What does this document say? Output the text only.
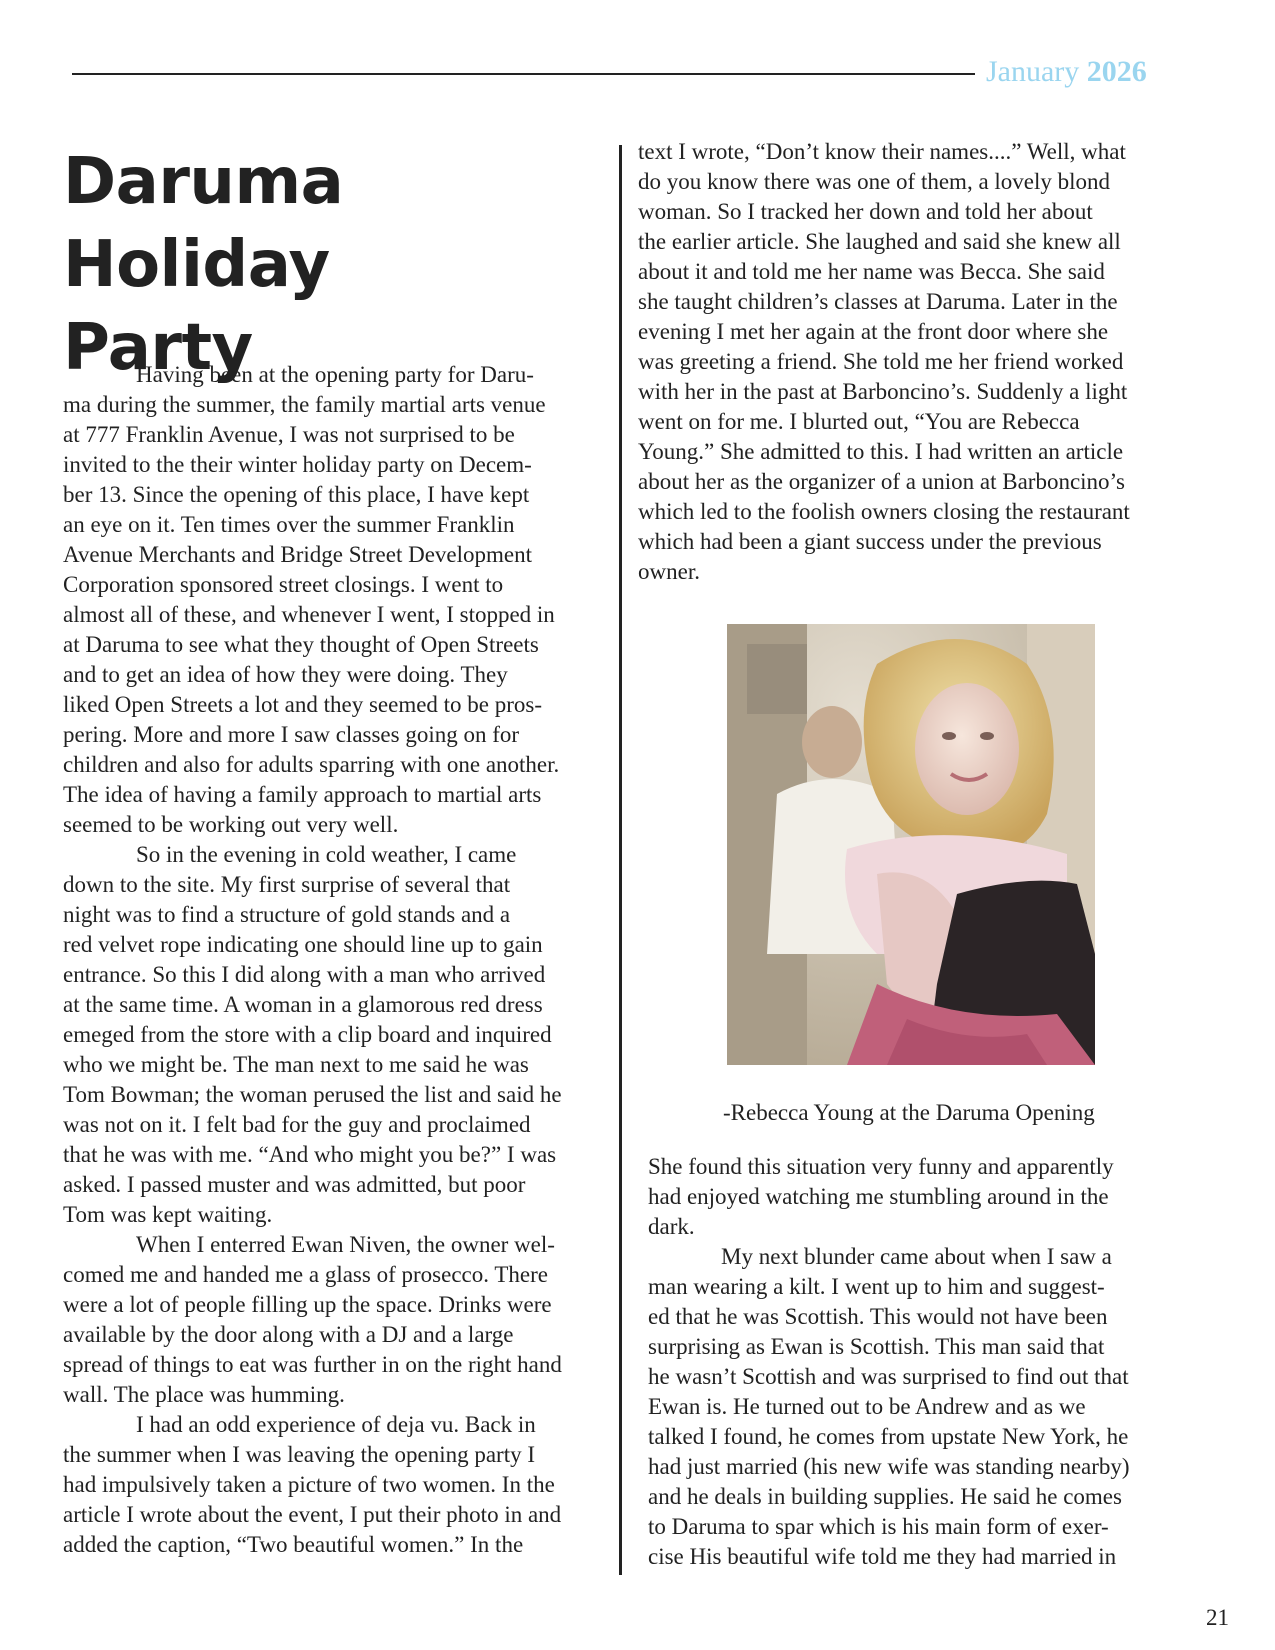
January 2026
Daruma Holiday
Party
Having been at the opening party for Daru-
ma during the summer, the family martial arts venue
at 777 Franklin Avenue, I was not surprised to be
invited to the their winter holiday party on Decem-
ber 13. Since the opening of this place, I have kept
an eye on it. Ten times over the summer Franklin
Avenue Merchants and Bridge Street Development
Corporation sponsored street closings. I went to
almost all of these, and whenever I went, I stopped in
at Daruma to see what they thought of Open Streets
and to get an idea of how they were doing. They
liked Open Streets a lot and they seemed to be pros-
pering. More and more I saw classes going on for
children and also for adults sparring with one another.
The idea of having a family approach to martial arts
seemed to be working out very well.
So in the evening in cold weather, I came
down to the site. My first surprise of several that
night was to find a structure of gold stands and a
red velvet rope indicating one should line up to gain
entrance. So this I did along with a man who arrived
at the same time. A woman in a glamorous red dress
emeged from the store with a clip board and inquired
who we might be. The man next to me said he was
Tom Bowman; the woman perused the list and said he
was not on it. I felt bad for the guy and proclaimed
that he was with me. “And who might you be?” I was
asked. I passed muster and was admitted, but poor
Tom was kept waiting.
When I enterred Ewan Niven, the owner wel-
comed me and handed me a glass of prosecco. There
were a lot of people filling up the space. Drinks were
available by the door along with a DJ and a large
spread of things to eat was further in on the right hand
wall. The place was humming.
I had an odd experience of deja vu. Back in
the summer when I was leaving the opening party I
had impulsively taken a picture of two women. In the
article I wrote about the event, I put their photo in and
added the caption, “Two beautiful women.” In the
text I wrote, “Don’t know their names....” Well, what
do you know there was one of them, a lovely blond
woman. So I tracked her down and told her about
the earlier article. She laughed and said she knew all
about it and told me her name was Becca. She said
she taught children’s classes at Daruma. Later in the
evening I met her again at the front door where she
was greeting a friend. She told me her friend worked
with her in the past at Barboncino’s. Suddenly a light
went on for me. I blurted out, “You are Rebecca
Young.” She admitted to this. I had written an article
about her as the organizer of a union at Barboncino’s
which led to the foolish owners closing the restaurant
which had been a giant success under the previous
owner.
-Rebecca Young at the Daruma Opening
She found this situation very funny and apparently
had enjoyed watching me stumbling around in the
dark.
My next blunder came about when I saw a
man wearing a kilt. I went up to him and suggest-
ed that he was Scottish. This would not have been
surprising as Ewan is Scottish. This man said that
he wasn’t Scottish and was surprised to find out that
Ewan is. He turned out to be Andrew and as we
talked I found, he comes from upstate New York, he
had just married (his new wife was standing nearby)
and he deals in building supplies. He said he comes
to Daruma to spar which is his main form of exer-
cise His beautiful wife told me they had married in
21
